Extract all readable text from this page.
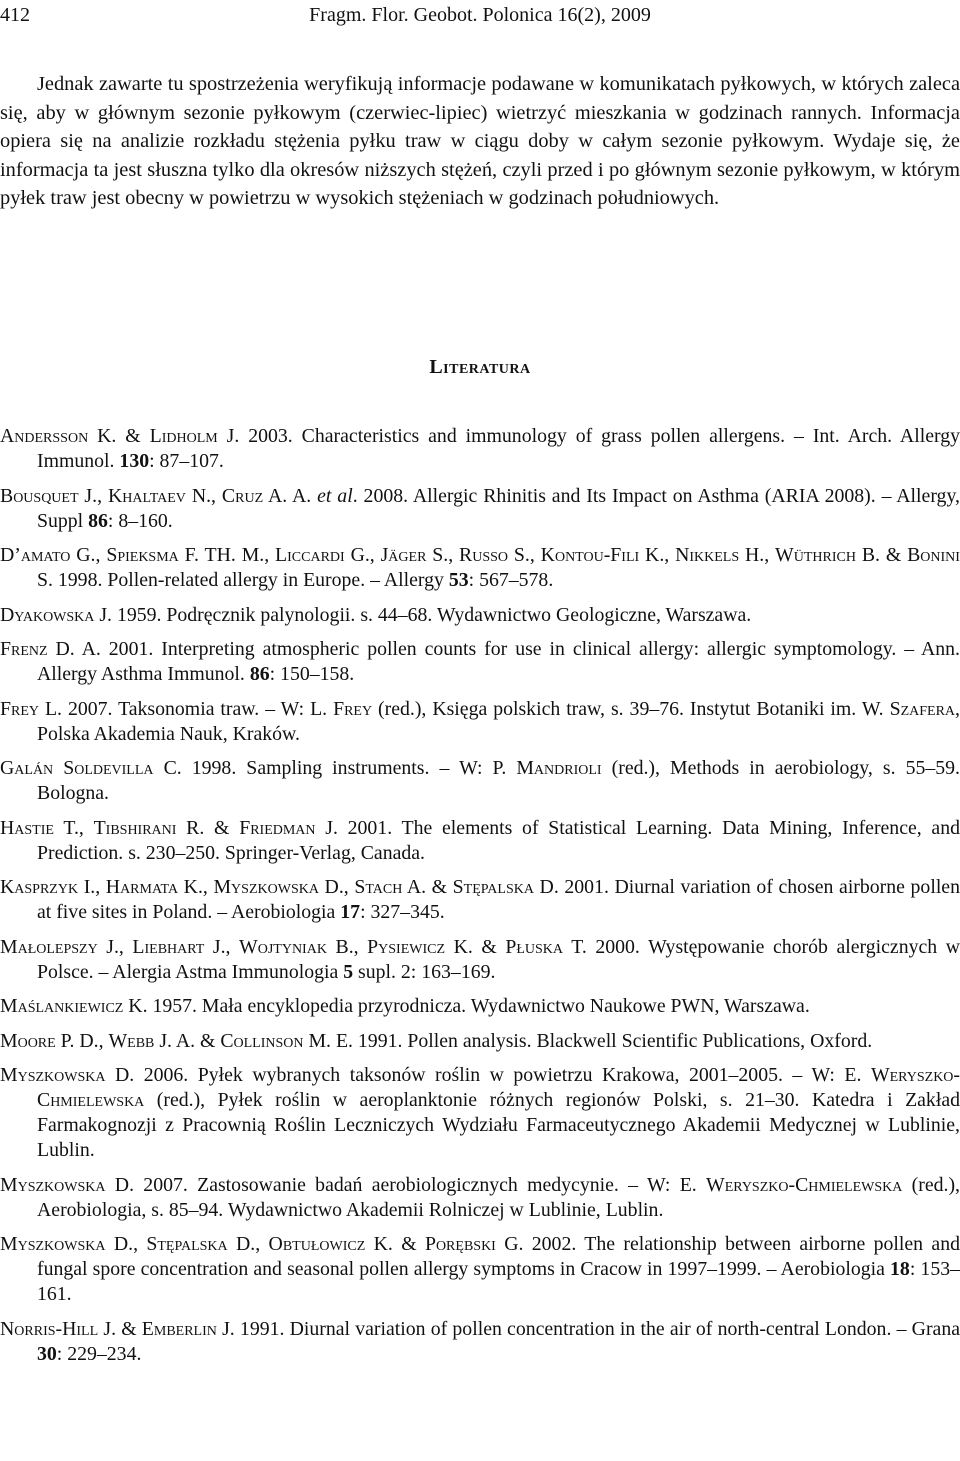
412	Fragm. Flor. Geobot. Polonica 16(2), 2009

Jednak zawarte tu spostrzeżenia weryfikują informacje podawane w komunikatach pyłkowych, w których zaleca się, aby w głównym sezonie pyłkowym (czerwiec-lipiec) wietrzyć mieszkania w godzinach rannych. Informacja opiera się na analizie rozkładu stężenia pyłku traw w ciągu doby w całym sezonie pyłkowym. Wydaje się, że informacja ta jest słuszna tylko dla okresów niższych stężeń, czyli przed i po głównym sezonie pyłkowym, w którym pyłek traw jest obecny w powietrzu w wysokich stężeniach w godzinach południowych.

Literatura
Andersson K. & Lidholm J. 2003. Characteristics and immunology of grass pollen allergens. – Int. Arch. Allergy Immunol. 130: 87–107.
Bousquet J., Khaltaev N., Cruz A. A. et al. 2008. Allergic Rhinitis and Its Impact on Asthma (ARIA 2008). – Allergy, Suppl 86: 8–160.
D’amato G., Spieksma F. TH. M., Liccardi G., Jäger S., Russo S., Kontou-Fili K., Nikkels H., Wüthrich B. & Bonini S. 1998. Pollen-related allergy in Europe. – Allergy 53: 567–578.
Dyakowska J. 1959. Podręcznik palynologii. s. 44–68. Wydawnictwo Geologiczne, Warszawa.
Frenz D. A. 2001. Interpreting atmospheric pollen counts for use in clinical allergy: allergic symptomology. – Ann. Allergy Asthma Immunol. 86: 150–158.
Frey L. 2007. Taksonomia traw. – W: L. Frey (red.), Księga polskich traw, s. 39–76. Instytut Botaniki im. W. Szafera, Polska Akademia Nauk, Kraków.
Galán Soldevilla C. 1998. Sampling instruments. – W: P. Mandrioli (red.), Methods in aerobiology, s. 55–59. Bologna.
Hastie T., Tibshirani R. & Friedman J. 2001. The elements of Statistical Learning. Data Mining, Inference, and Prediction. s. 230–250. Springer-Verlag, Canada.
Kasprzyk I., Harmata K., Myszkowska D., Stach A. & Stępalska D. 2001. Diurnal variation of chosen airborne pollen at five sites in Poland. – Aerobiologia 17: 327–345.
Małolepszy J., Liebhart J., Wojtyniak B., Pysiewicz K. & Płuska T. 2000. Występowanie chorób alergicznych w Polsce. – Alergia Astma Immunologia 5 supl. 2: 163–169.
Maślankiewicz K. 1957. Mała encyklopedia przyrodnicza. Wydawnictwo Naukowe PWN, Warszawa.
Moore P. D., Webb J. A. & Collinson M. E. 1991. Pollen analysis. Blackwell Scientific Publications, Oxford.
Myszkowska D. 2006. Pyłek wybranych taksonów roślin w powietrzu Krakowa, 2001–2005. – W: E. Weryszko-Chmielewska (red.), Pyłek roślin w aeroplanktonie różnych regionów Polski, s. 21–30. Katedra i Zakład Farmakognozji z Pracownią Roślin Leczniczych Wydziału Farmaceutycznego Akademii Medycznej w Lublinie, Lublin.
Myszkowska D. 2007. Zastosowanie badań aerobiologicznych medycynie. – W: E. Weryszko-Chmielewska (red.), Aerobiologia, s. 85–94. Wydawnictwo Akademii Rolniczej w Lublinie, Lublin.
Myszkowska D., Stępalska D., Obtułowicz K. & Porębski G. 2002. The relationship between airborne pollen and fungal spore concentration and seasonal pollen allergy symptoms in Cracow in 1997–1999. – Aerobiologia 18: 153–161.
Norris-Hill J. & Emberlin J. 1991. Diurnal variation of pollen concentration in the air of north-central London. – Grana 30: 229–234.
